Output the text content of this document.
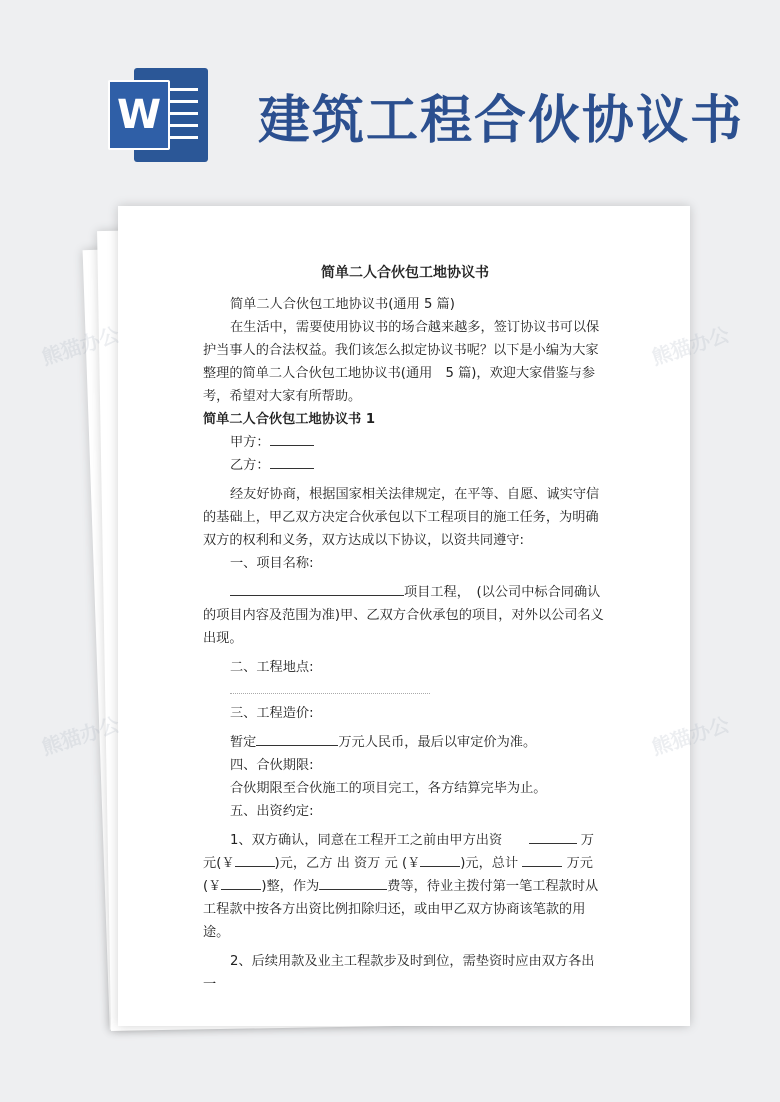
W 建筑工程合伙协议书
熊猫办公	熊猫办公
熊猫办公	熊猫办公

简单二人合伙包工地协议书

简单二人合伙包工地协议书(通用 5 篇)

在生活中，需要使用协议书的场合越来越多，签订协议书可以保护当事人的合法权益。我们该怎么拟定协议书呢？以下是小编为大家整理的简单二人合伙包工地协议书(通用　5 篇)，欢迎大家借鉴与参考，希望对大家有所帮助。

简单二人合伙包工地协议书 1

甲方：

乙方：

经友好协商，根据国家相关法律规定，在平等、自愿、诚实守信的基础上，甲乙双方决定合伙承包以下工程项目的施工任务，为明确双方的权利和义务，双方达成以下协议，以资共同遵守:

一、项目名称:

项目工程，　(以公司中标合同确认的项目内容及范围为准)甲、乙双方合伙承包的项目，对外以公司名义出现。

二、工程地点:

三、工程造价:

暂定	万元人民币，最后以审定价为准。

四、合伙期限:

合伙期限至合伙施工的项目完工，各方结算完毕为止。

五、出资约定:

1、双方确认，同意在工程开工之前由甲方出资　　	万元(￥	)元，乙方 出 资万 元 (￥	)元，总计	万元(￥	)整，作为	费等，待业主拨付第一笔工程款时从工程款中按各方出资比例扣除归还，或由甲乙双方协商该笔款的用途。

2、后续用款及业主工程款步及时到位，需垫资时应由双方各出一
